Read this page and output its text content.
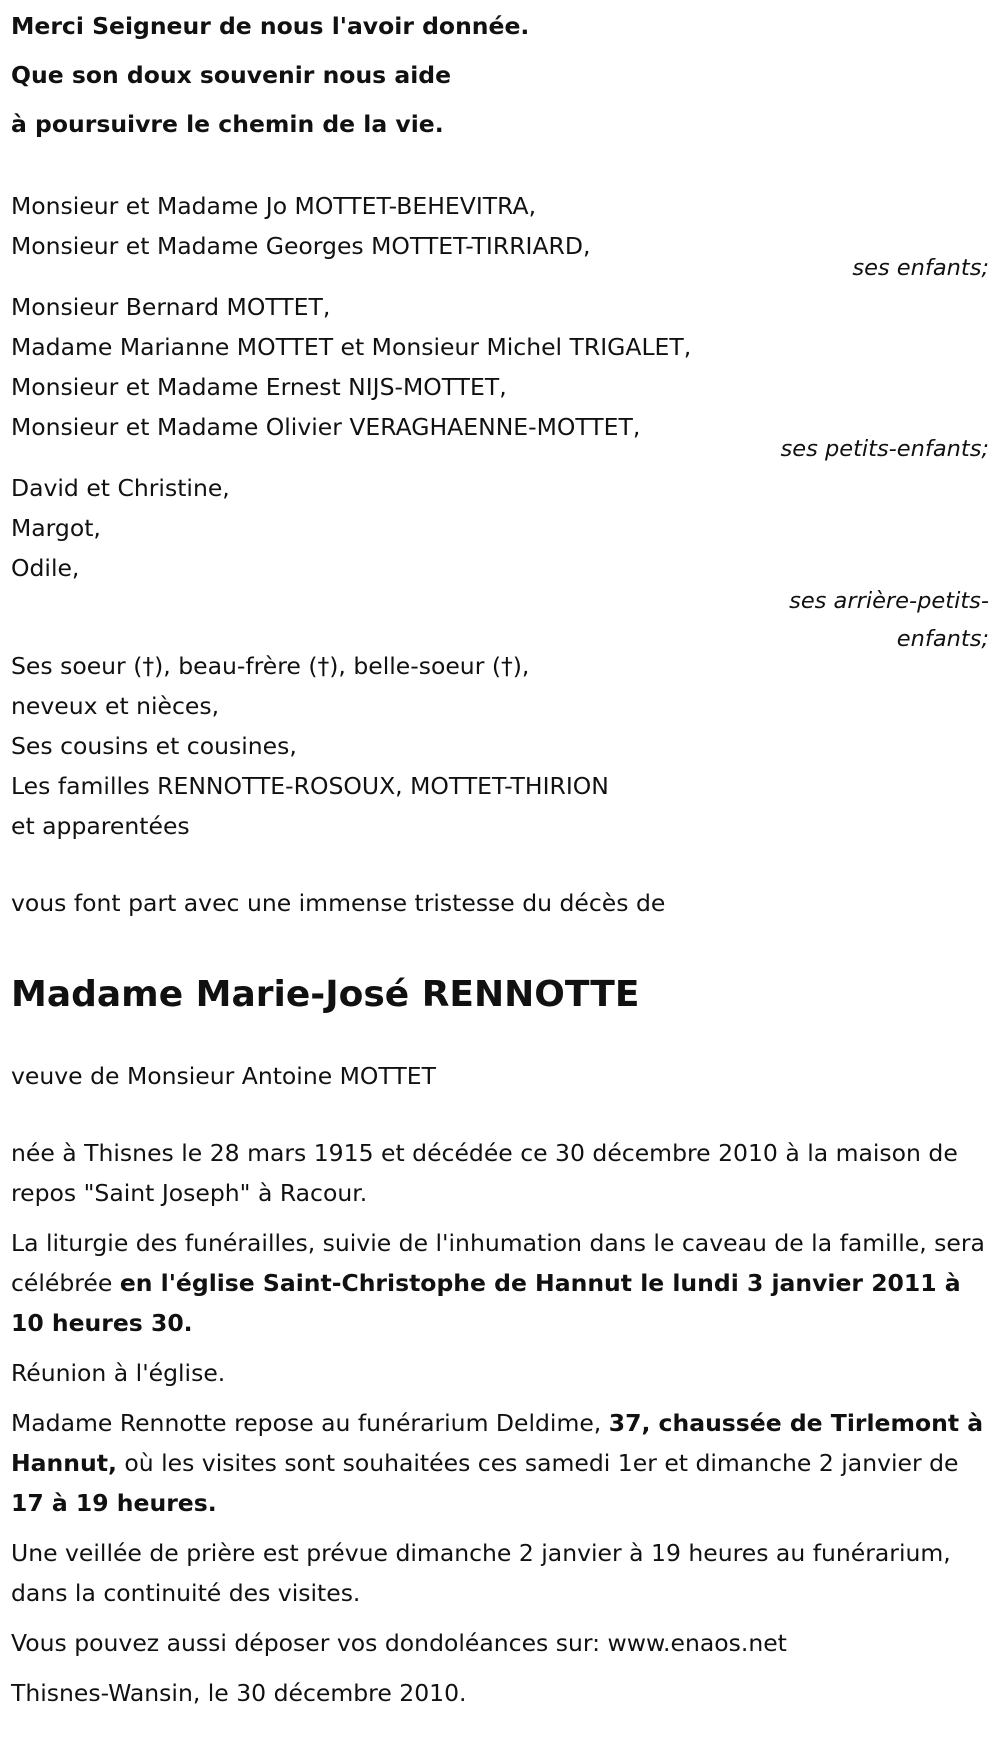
Merci Seigneur de nous l'avoir donnée.
Que son doux souvenir nous aide
à poursuivre le chemin de la vie.
Monsieur et Madame Jo MOTTET-BEHEVITRA,
Monsieur et Madame Georges MOTTET-TIRRIARD,
ses enfants;
Monsieur Bernard MOTTET,
Madame Marianne MOTTET et Monsieur Michel TRIGALET,
Monsieur et Madame Ernest NIJS-MOTTET,
Monsieur et Madame Olivier VERAGHAENNE-MOTTET,
ses petits-enfants;
David et Christine,
Margot,
Odile,
ses arrière-petits-
enfants;
Ses soeur (†), beau-frère (†), belle-soeur (†),
neveux et nièces,
Ses cousins et cousines,
Les familles RENNOTTE-ROSOUX, MOTTET-THIRION
et apparentées
vous font part avec une immense tristesse du décès de
Madame Marie-José RENNOTTE
veuve de Monsieur Antoine MOTTET
née à Thisnes le 28 mars 1915 et décédée ce 30 décembre 2010 à la maison de repos "Saint Joseph" à Racour.
La liturgie des funérailles, suivie de l'inhumation dans le caveau de la famille, sera célébrée en l'église Saint-Christophe de Hannut le lundi 3 janvier 2011 à 10 heures 30.
Réunion à l'église.
Madame Rennotte repose au funérarium Deldime, 37, chaussée de Tirlemont à Hannut, où les visites sont souhaitées ces samedi 1er et dimanche 2 janvier de 17 à 19 heures.
Une veillée de prière est prévue dimanche 2 janvier à 19 heures au funérarium, dans la continuité des visites.
Vous pouvez aussi déposer vos dondoléances sur: www.enaos.net
Thisnes-Wansin, le 30 décembre 2010.
